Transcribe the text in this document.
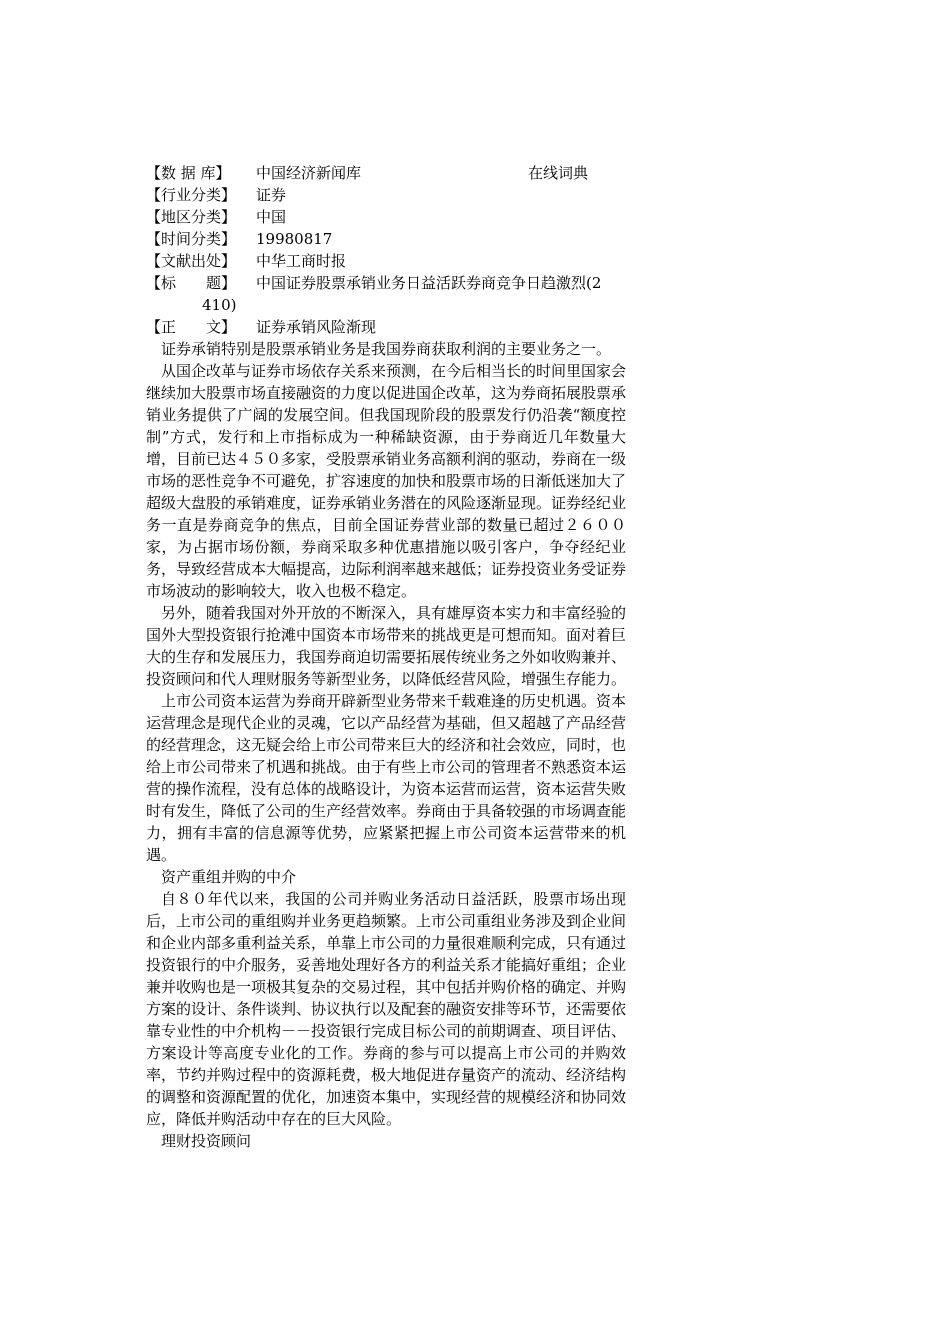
【数 据 库】	中国经济新闻库	在线词典
【行业分类】	证券
【地区分类】	中国
【时间分类】	19980817
【文献出处】	中华工商时报
【标　　题】	中国证券股票承销业务日益活跃券商竞争日趋激烈(2
410)
【正　　文】	证券承销风险渐现

证券承销特别是股票承销业务是我国券商获取利润的主要业务之一。

从国企改革与证券市场依存关系来预测，在今后相当长的时间里国家会继续加大股票市场直接融资的力度以促进国企改革，这为券商拓展股票承销业务提供了广阔的发展空间。但我国现阶段的股票发行仍沿袭“额度控制”方式，发行和上市指标成为一种稀缺资源，由于券商近几年数量大增，目前已达４５０多家，受股票承销业务高额利润的驱动，券商在一级市场的恶性竞争不可避免，扩容速度的加快和股票市场的日渐低迷加大了超级大盘股的承销难度，证券承销业务潜在的风险逐渐显现。证券经纪业务一直是券商竞争的焦点，目前全国证券营业部的数量已超过２６００家，为占据市场份额，券商采取多种优惠措施以吸引客户，争夺经纪业务，导致经营成本大幅提高，边际利润率越来越低；证券投资业务受证券市场波动的影响较大，收入也极不稳定。

另外，随着我国对外开放的不断深入，具有雄厚资本实力和丰富经验的国外大型投资银行抢滩中国资本市场带来的挑战更是可想而知。面对着巨大的生存和发展压力，我国券商迫切需要拓展传统业务之外如收购兼并、投资顾问和代人理财服务等新型业务，以降低经营风险，增强生存能力。

上市公司资本运营为券商开辟新型业务带来千载难逢的历史机遇。资本运营理念是现代企业的灵魂，它以产品经营为基础，但又超越了产品经营的经营理念，这无疑会给上市公司带来巨大的经济和社会效应，同时，也给上市公司带来了机遇和挑战。由于有些上市公司的管理者不熟悉资本运营的操作流程，没有总体的战略设计，为资本运营而运营，资本运营失败时有发生，降低了公司的生产经营效率。券商由于具备较强的市场调查能力，拥有丰富的信息源等优势，应紧紧把握上市公司资本运营带来的机遇。

资产重组并购的中介

自８０年代以来，我国的公司并购业务活动日益活跃，股票市场出现后，上市公司的重组购并业务更趋频繁。上市公司重组业务涉及到企业间和企业内部多重利益关系，单靠上市公司的力量很难顺利完成，只有通过投资银行的中介服务，妥善地处理好各方的利益关系才能搞好重组；企业兼并收购也是一项极其复杂的交易过程，其中包括并购价格的确定、并购方案的设计、条件谈判、协议执行以及配套的融资安排等环节，还需要依靠专业性的中介机构－－投资银行完成目标公司的前期调查、项目评估、方案设计等高度专业化的工作。券商的参与可以提高上市公司的并购效率，节约并购过程中的资源耗费，极大地促进存量资产的流动、经济结构的调整和资源配置的优化，加速资本集中，实现经营的规模经济和协同效应，降低并购活动中存在的巨大风险。

理财投资顾问
